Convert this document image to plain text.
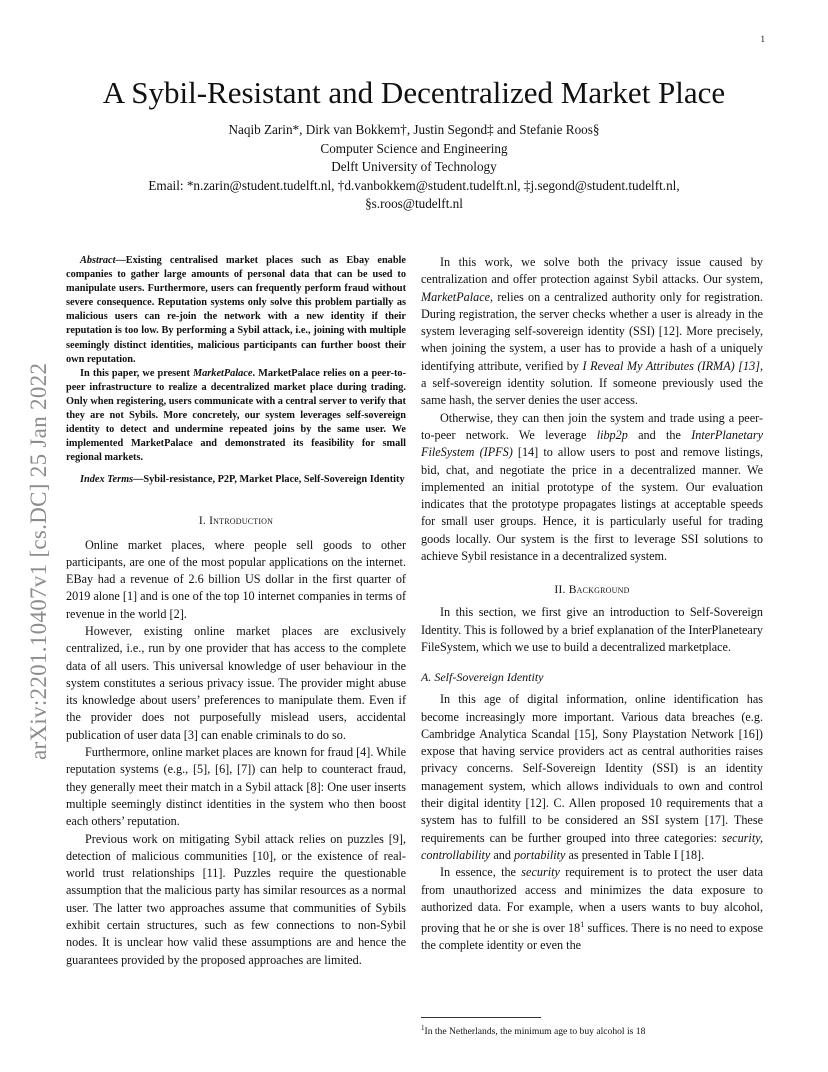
1
arXiv:2201.10407v1 [cs.DC] 25 Jan 2022
A Sybil-Resistant and Decentralized Market Place
Naqib Zarin*, Dirk van Bokkem†, Justin Segond‡ and Stefanie Roos§
Computer Science and Engineering
Delft University of Technology
Email: *n.zarin@student.tudelft.nl, †d.vanbokkem@student.tudelft.nl, ‡j.segond@student.tudelft.nl,
§s.roos@tudelft.nl

Abstract—Existing centralised market places such as Ebay enable companies to gather large amounts of personal data that can be used to manipulate users. Furthermore, users can frequently perform fraud without severe consequence. Reputation systems only solve this problem partially as malicious users can re-join the network with a new identity if their reputation is too low. By performing a Sybil attack, i.e., joining with multiple seemingly distinct identities, malicious participants can further boost their own reputation.

In this paper, we present MarketPalace. MarketPalace relies on a peer-to-peer infrastructure to realize a decentralized market place during trading. Only when registering, users communicate with a central server to verify that they are not Sybils. More concretely, our system leverages self-sovereign identity to detect and undermine repeated joins by the same user. We implemented MarketPalace and demonstrated its feasibility for small regional markets.

Index Terms—Sybil-resistance, P2P, Market Place, Self-Sovereign Identity

I. Introduction

Online market places, where people sell goods to other participants, are one of the most popular applications on the internet. EBay had a revenue of 2.6 billion US dollar in the first quarter of 2019 alone [1] and is one of the top 10 internet companies in terms of revenue in the world [2].

However, existing online market places are exclusively centralized, i.e., run by one provider that has access to the complete data of all users. This universal knowledge of user behaviour in the system constitutes a serious privacy issue. The provider might abuse its knowledge about users’ preferences to manipulate them. Even if the provider does not purposefully mislead users, accidental publication of user data [3] can enable criminals to do so.

Furthermore, online market places are known for fraud [4]. While reputation systems (e.g., [5], [6], [7]) can help to counteract fraud, they generally meet their match in a Sybil attack [8]: One user inserts multiple seemingly distinct identities in the system who then boost each others’ reputation.

Previous work on mitigating Sybil attack relies on puzzles [9], detection of malicious communities [10], or the existence of real-world trust relationships [11]. Puzzles require the questionable assumption that the malicious party has similar resources as a normal user. The latter two approaches assume that communities of Sybils exhibit certain structures, such as few connections to non-Sybil nodes. It is unclear how valid these assumptions are and hence the guarantees provided by the proposed approaches are limited.

In this work, we solve both the privacy issue caused by centralization and offer protection against Sybil attacks. Our system, MarketPalace, relies on a centralized authority only for registration. During registration, the server checks whether a user is already in the system leveraging self-sovereign identity (SSI) [12]. More precisely, when joining the system, a user has to provide a hash of a uniquely identifying attribute, verified by I Reveal My Attributes (IRMA) [13], a self-sovereign identity solution. If someone previously used the same hash, the server denies the user access.

Otherwise, they can then join the system and trade using a peer-to-peer network. We leverage libp2p and the InterPlanetary FileSystem (IPFS) [14] to allow users to post and remove listings, bid, chat, and negotiate the price in a decentralized manner. We implemented an initial prototype of the system. Our evaluation indicates that the prototype propagates listings at acceptable speeds for small user groups. Hence, it is particularly useful for trading goods locally. Our system is the first to leverage SSI solutions to achieve Sybil resistance in a decentralized system.

II. Background

In this section, we first give an introduction to Self-Sovereign Identity. This is followed by a brief explanation of the InterPlaneteary FileSystem, which we use to build a decentralized marketplace.

A. Self-Sovereign Identity

In this age of digital information, online identification has become increasingly more important. Various data breaches (e.g. Cambridge Analytica Scandal [15], Sony Playstation Network [16]) expose that having service providers act as central authorities raises privacy concerns. Self-Sovereign Identity (SSI) is an identity management system, which allows individuals to own and control their digital identity [12]. C. Allen proposed 10 requirements that a system has to fulfill to be considered an SSI system [17]. These requirements can be further grouped into three categories: security, controllability and portability as presented in Table I [18].

In essence, the security requirement is to protect the user data from unauthorized access and minimizes the data exposure to authorized data. For example, when a users wants to buy alcohol, proving that he or she is over $18^1$ suffices. There is no need to expose the complete identity or even the

$^1$In the Netherlands, the minimum age to buy alcohol is 18
